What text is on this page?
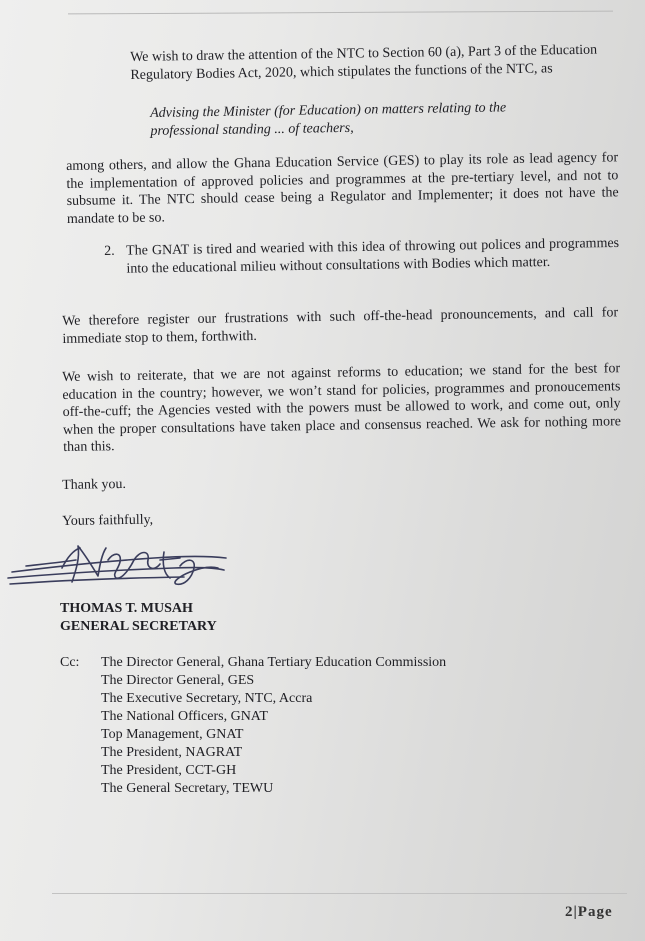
We wish to draw the attention of the NTC to Section 60 (a), Part 3 of the Education Regulatory Bodies Act, 2020, which stipulates the functions of the NTC, as
Advising the Minister (for Education) on matters relating to the professional standing ... of teachers,
among others, and allow the Ghana Education Service (GES) to play its role as lead agency for the implementation of approved policies and programmes at the pre-tertiary level, and not to subsume it. The NTC should cease being a Regulator and Implementer; it does not have the mandate to be so.
2. The GNAT is tired and wearied with this idea of throwing out polices and programmes into the educational milieu without consultations with Bodies which matter.
We therefore register our frustrations with such off-the-head pronouncements, and call for immediate stop to them, forthwith.
We wish to reiterate, that we are not against reforms to education; we stand for the best for education in the country; however, we won’t stand for policies, programmes and pronoucements off-the-cuff; the Agencies vested with the powers must be allowed to work, and come out, only when the proper consultations have taken place and consensus reached. We ask for nothing more than this.
Thank you.
Yours faithfully,
THOMAS T. MUSAH
GENERAL SECRETARY
Cc:	The Director General, Ghana Tertiary Education Commission
The Director General, GES
The Executive Secretary, NTC, Accra
The National Officers, GNAT
Top Management, GNAT
The President, NAGRAT
The President, CCT-GH
The General Secretary, TEWU
2|Page
